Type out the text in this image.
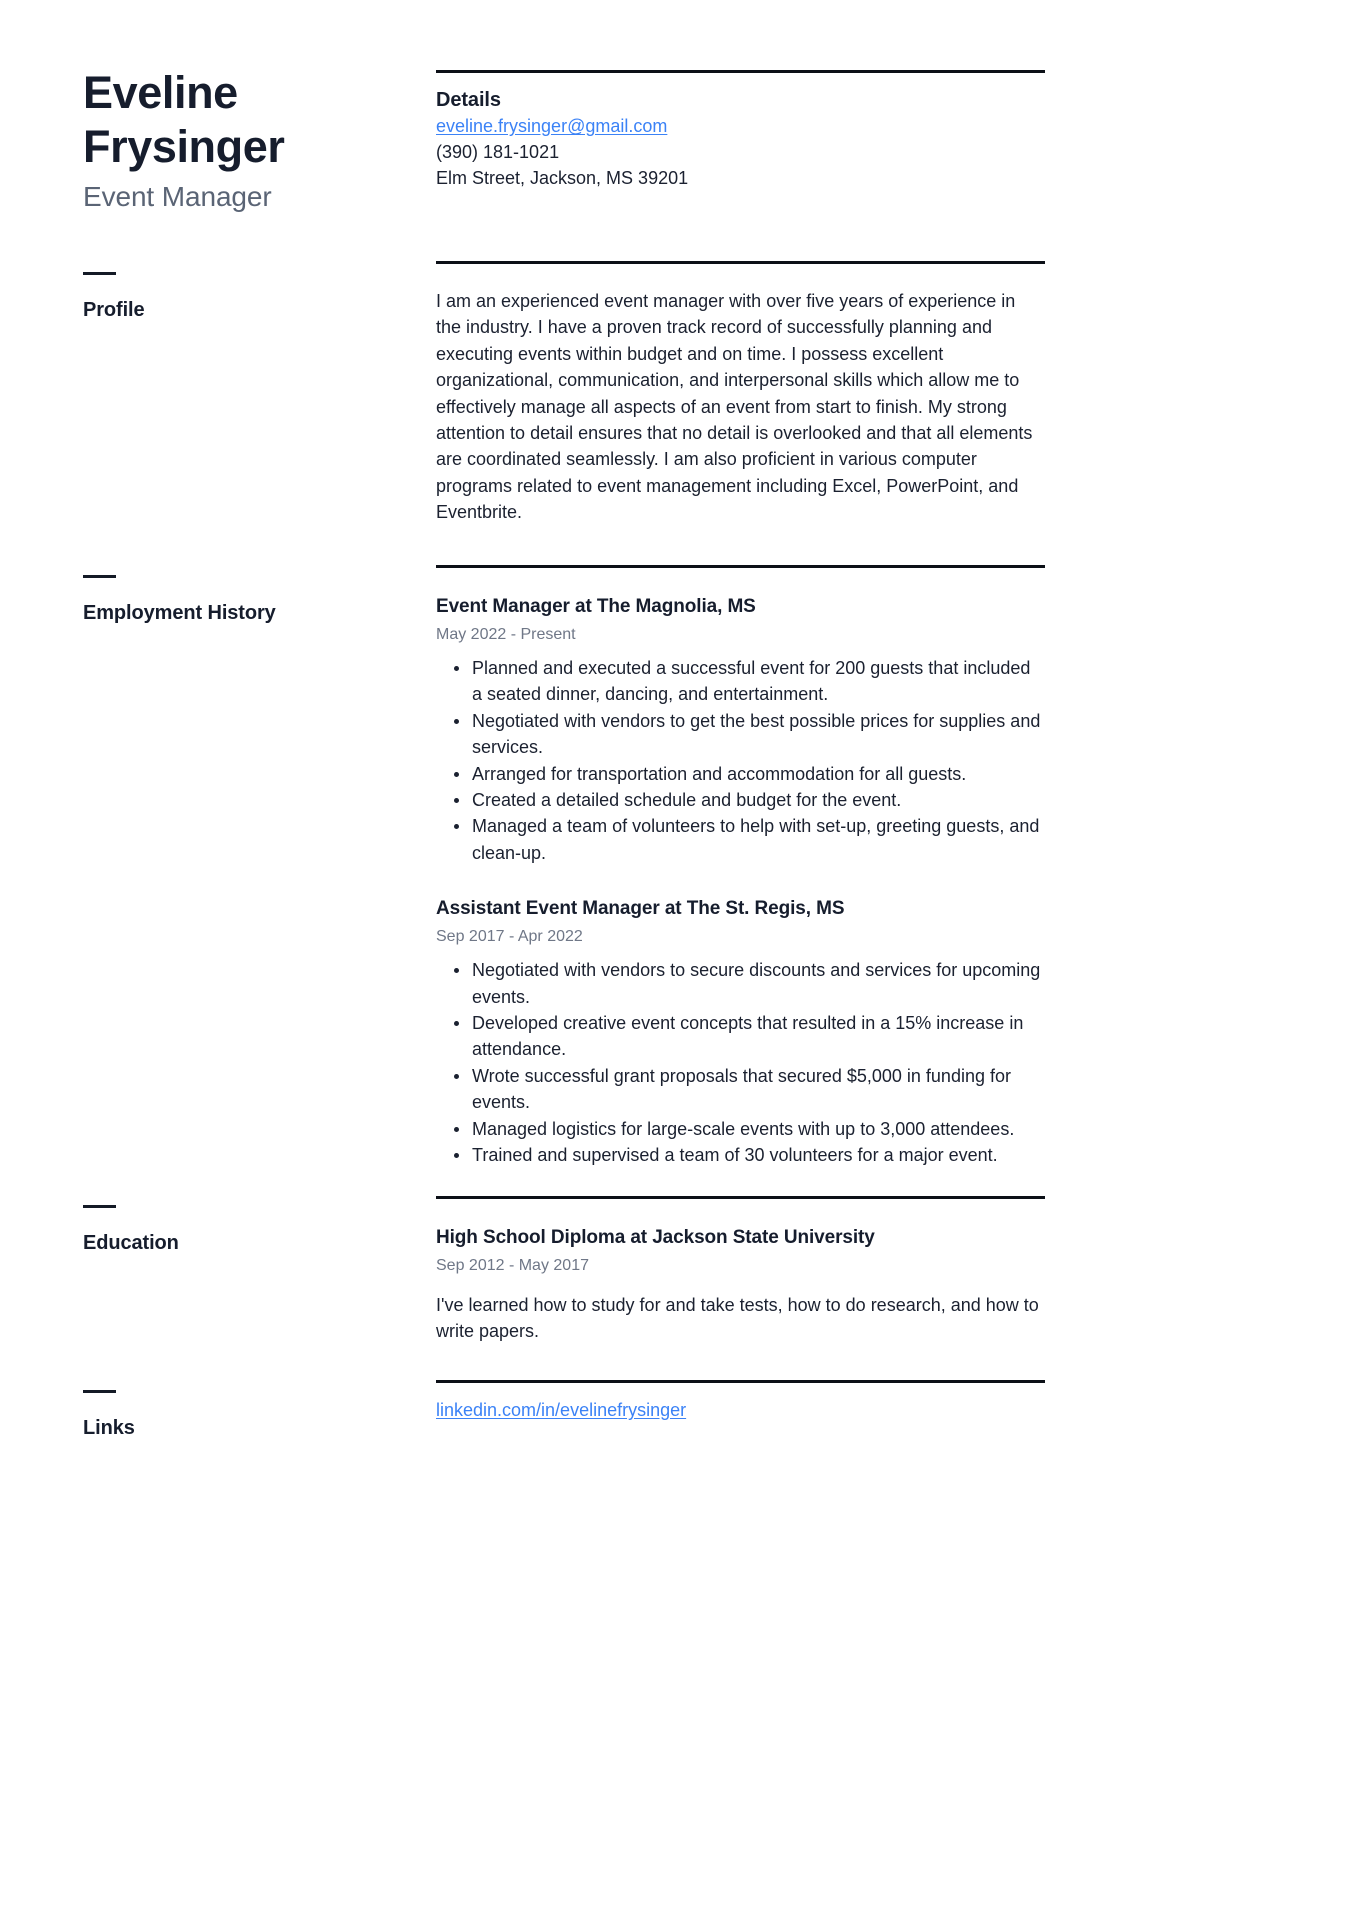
Eveline
Frysinger
Event Manager
Details
eveline.frysinger@gmail.com
(390) 181-1021
Elm Street, Jackson, MS 39201
Profile	I am an experienced event manager with over five years of experience in the industry. I have a proven track record of successfully planning and executing events within budget and on time. I possess excellent organizational, communication, and interpersonal skills which allow me to effectively manage all aspects of an event from start to finish. My strong attention to detail ensures that no detail is overlooked and that all elements are coordinated seamlessly. I am also proficient in various computer programs related to event management including Excel, PowerPoint, and Eventbrite.

Employment History	Event Manager at The Magnolia, MS
May 2022 - Present
Planned and executed a successful event for 200 guests that included a seated dinner, dancing, and entertainment.
Negotiated with vendors to get the best possible prices for supplies and services.
Arranged for transportation and accommodation for all guests.
Created a detailed schedule and budget for the event.
Managed a team of volunteers to help with set-up, greeting guests, and clean-up.
Assistant Event Manager at The St. Regis, MS
Sep 2017 - Apr 2022
Negotiated with vendors to secure discounts and services for upcoming events.
Developed creative event concepts that resulted in a 15% increase in attendance.
Wrote successful grant proposals that secured $5,000 in funding for events.
Managed logistics for large-scale events with up to 3,000 attendees.
Trained and supervised a team of 30 volunteers for a major event.
Education	High School Diploma at Jackson State University
Sep 2012 - May 2017

I've learned how to study for and take tests, how to do research, and how to write papers.

Links
linkedin.com/in/evelinefrysinger
